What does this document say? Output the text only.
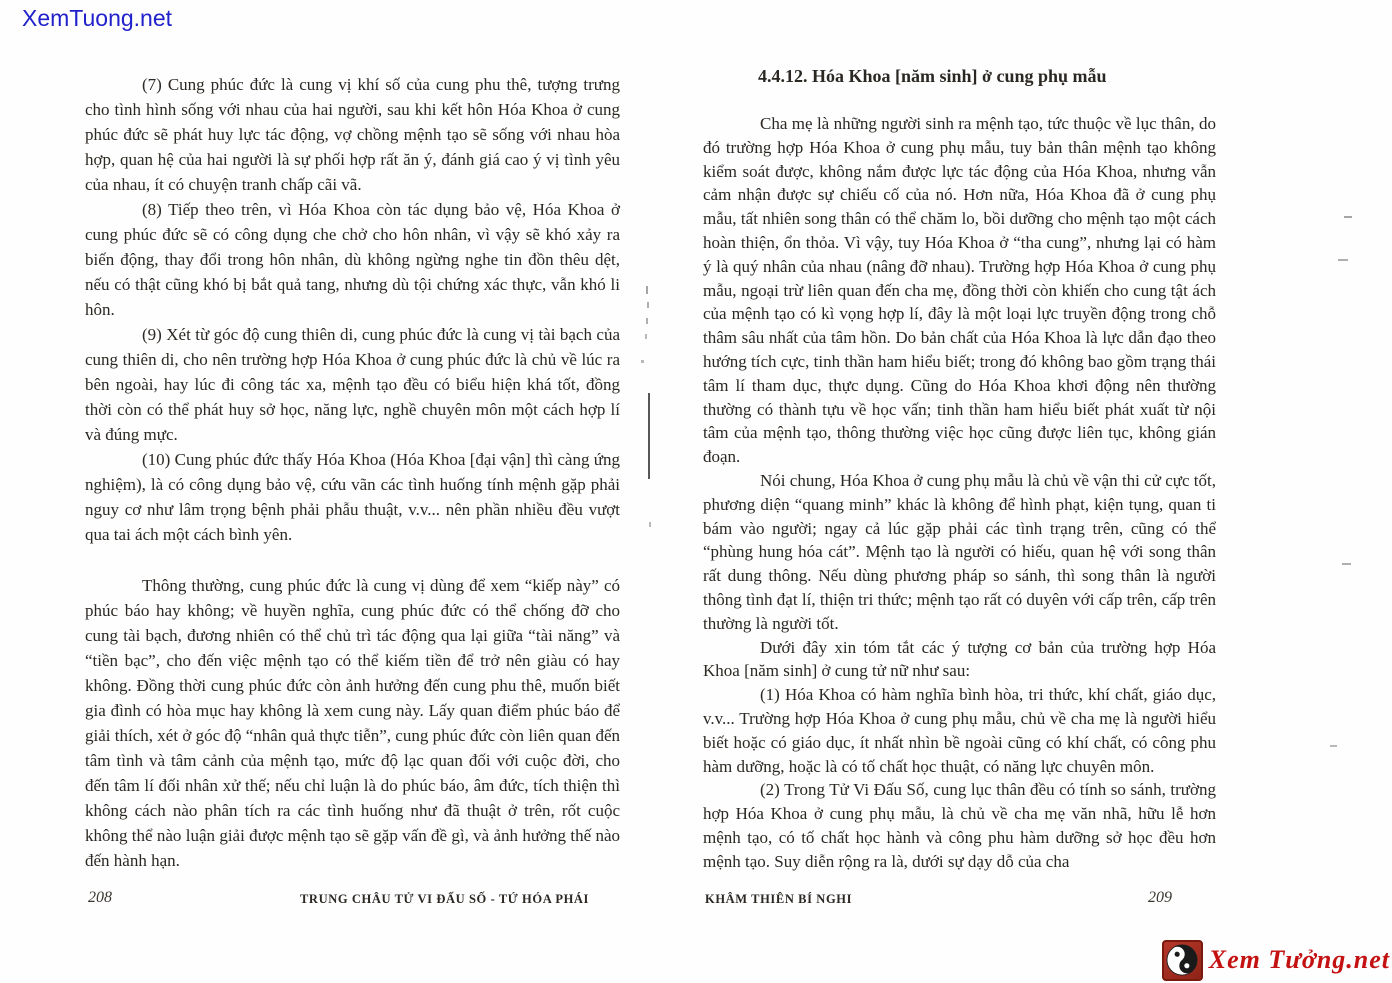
XemTuong.net

(7) Cung phúc đức là cung vị khí số của cung phu thê, tượng trưng cho tình hình sống với nhau của hai người, sau khi kết hôn Hóa Khoa ở cung phúc đức sẽ phát huy lực tác động, vợ chồng mệnh tạo sẽ sống với nhau hòa hợp, quan hệ của hai người là sự phối hợp rất ăn ý, đánh giá cao ý vị tình yêu của nhau, ít có chuyện tranh chấp cãi vã.

(8) Tiếp theo trên, vì Hóa Khoa còn tác dụng bảo vệ, Hóa Khoa ở cung phúc đức sẽ có công dụng che chở cho hôn nhân, vì vậy sẽ khó xảy ra biến động, thay đổi trong hôn nhân, dù không ngừng nghe tin đồn thêu dệt, nếu có thật cũng khó bị bắt quả tang, nhưng dù tội chứng xác thực, vẫn khó li hôn.

(9) Xét từ góc độ cung thiên di, cung phúc đức là cung vị tài bạch của cung thiên di, cho nên trường hợp Hóa Khoa ở cung phúc đức là chủ về lúc ra bên ngoài, hay lúc đi công tác xa, mệnh tạo đều có biểu hiện khá tốt, đồng thời còn có thể phát huy sở học, năng lực, nghề chuyên môn một cách hợp lí và đúng mực.

(10) Cung phúc đức thấy Hóa Khoa (Hóa Khoa [đại vận] thì càng ứng nghiệm), là có công dụng bảo vệ, cứu vãn các tình huống tính mệnh gặp phải nguy cơ như lâm trọng bệnh phải phẫu thuật, v.v... nên phần nhiều đều vượt qua tai ách một cách bình yên.

Thông thường, cung phúc đức là cung vị dùng để xem “kiếp này” có phúc báo hay không; về huyền nghĩa, cung phúc đức có thể chống đỡ cho cung tài bạch, đương nhiên có thể chủ trì tác động qua lại giữa “tài năng” và “tiền bạc”, cho đến việc mệnh tạo có thể kiếm tiền để trở nên giàu có hay không. Đồng thời cung phúc đức còn ảnh hưởng đến cung phu thê, muốn biết gia đình có hòa mục hay không là xem cung này. Lấy quan điểm phúc báo để giải thích, xét ở góc độ “nhân quả thực tiễn”, cung phúc đức còn liên quan đến tâm tình và tâm cảnh của mệnh tạo, mức độ lạc quan đối với cuộc đời, cho đến tâm lí đối nhân xử thế; nếu chỉ luận là do phúc báo, âm đức, tích thiện thì không cách nào phân tích ra các tình huống như đã thuật ở trên, rốt cuộc không thể nào luận giải được mệnh tạo sẽ gặp vấn đề gì, và ảnh hưởng thế nào đến hành hạn.

4.4.12. Hóa Khoa [năm sinh] ở cung phụ mẫu

Cha mẹ là những người sinh ra mệnh tạo, tức thuộc về lục thân, do đó trường hợp Hóa Khoa ở cung phụ mẫu, tuy bản thân mệnh tạo không kiểm soát được, không nắm được lực tác động của Hóa Khoa, nhưng vẫn cảm nhận được sự chiếu cố của nó. Hơn nữa, Hóa Khoa đã ở cung phụ mẫu, tất nhiên song thân có thể chăm lo, bồi dưỡng cho mệnh tạo một cách hoàn thiện, ổn thỏa. Vì vậy, tuy Hóa Khoa ở “tha cung”, nhưng lại có hàm ý là quý nhân của nhau (nâng đỡ nhau). Trường hợp Hóa Khoa ở cung phụ mẫu, ngoại trừ liên quan đến cha mẹ, đồng thời còn khiến cho cung tật ách của mệnh tạo có kì vọng hợp lí, đây là một loại lực truyền động trong chỗ thâm sâu nhất của tâm hồn. Do bản chất của Hóa Khoa là lực dẫn đạo theo hướng tích cực, tinh thần ham hiểu biết; trong đó không bao gồm trạng thái tâm lí tham dục, thực dụng. Cũng do Hóa Khoa khơi động nên thường thường có thành tựu về học vấn; tinh thần ham hiểu biết phát xuất từ nội tâm của mệnh tạo, thông thường việc học cũng được liên tục, không gián đoạn.

Nói chung, Hóa Khoa ở cung phụ mẫu là chủ về vận thi cử cực tốt, phương diện “quang minh” khác là không để hình phạt, kiện tụng, quan ti bám vào người; ngay cả lúc gặp phải các tình trạng trên, cũng có thể “phùng hung hóa cát”. Mệnh tạo là người có hiếu, quan hệ với song thân rất dung thông. Nếu dùng phương pháp so sánh, thì song thân là người thông tình đạt lí, thiện tri thức; mệnh tạo rất có duyên với cấp trên, cấp trên thường là người tốt.

Dưới đây xin tóm tắt các ý tượng cơ bản của trường hợp Hóa Khoa [năm sinh] ở cung tử nữ như sau:

(1) Hóa Khoa có hàm nghĩa bình hòa, tri thức, khí chất, giáo dục, v.v... Trường hợp Hóa Khoa ở cung phụ mẫu, chủ về cha mẹ là người hiểu biết hoặc có giáo dục, ít nhất nhìn bề ngoài cũng có khí chất, có công phu hàm dưỡng, hoặc là có tố chất học thuật, có năng lực chuyên môn.

(2) Trong Tử Vi Đấu Số, cung lục thân đều có tính so sánh, trường hợp Hóa Khoa ở cung phụ mẫu, là chủ về cha mẹ văn nhã, hữu lễ hơn mệnh tạo, có tố chất học hành và công phu hàm dưỡng sở học đều hơn mệnh tạo. Suy diễn rộng ra là, dưới sự dạy dỗ của cha

208	TRUNG CHÂU TỬ VI ĐẤU SỐ - TỨ HÓA PHÁI	KHÂM THIÊN BÍ NGHI	209
Xem Tưởng.net
